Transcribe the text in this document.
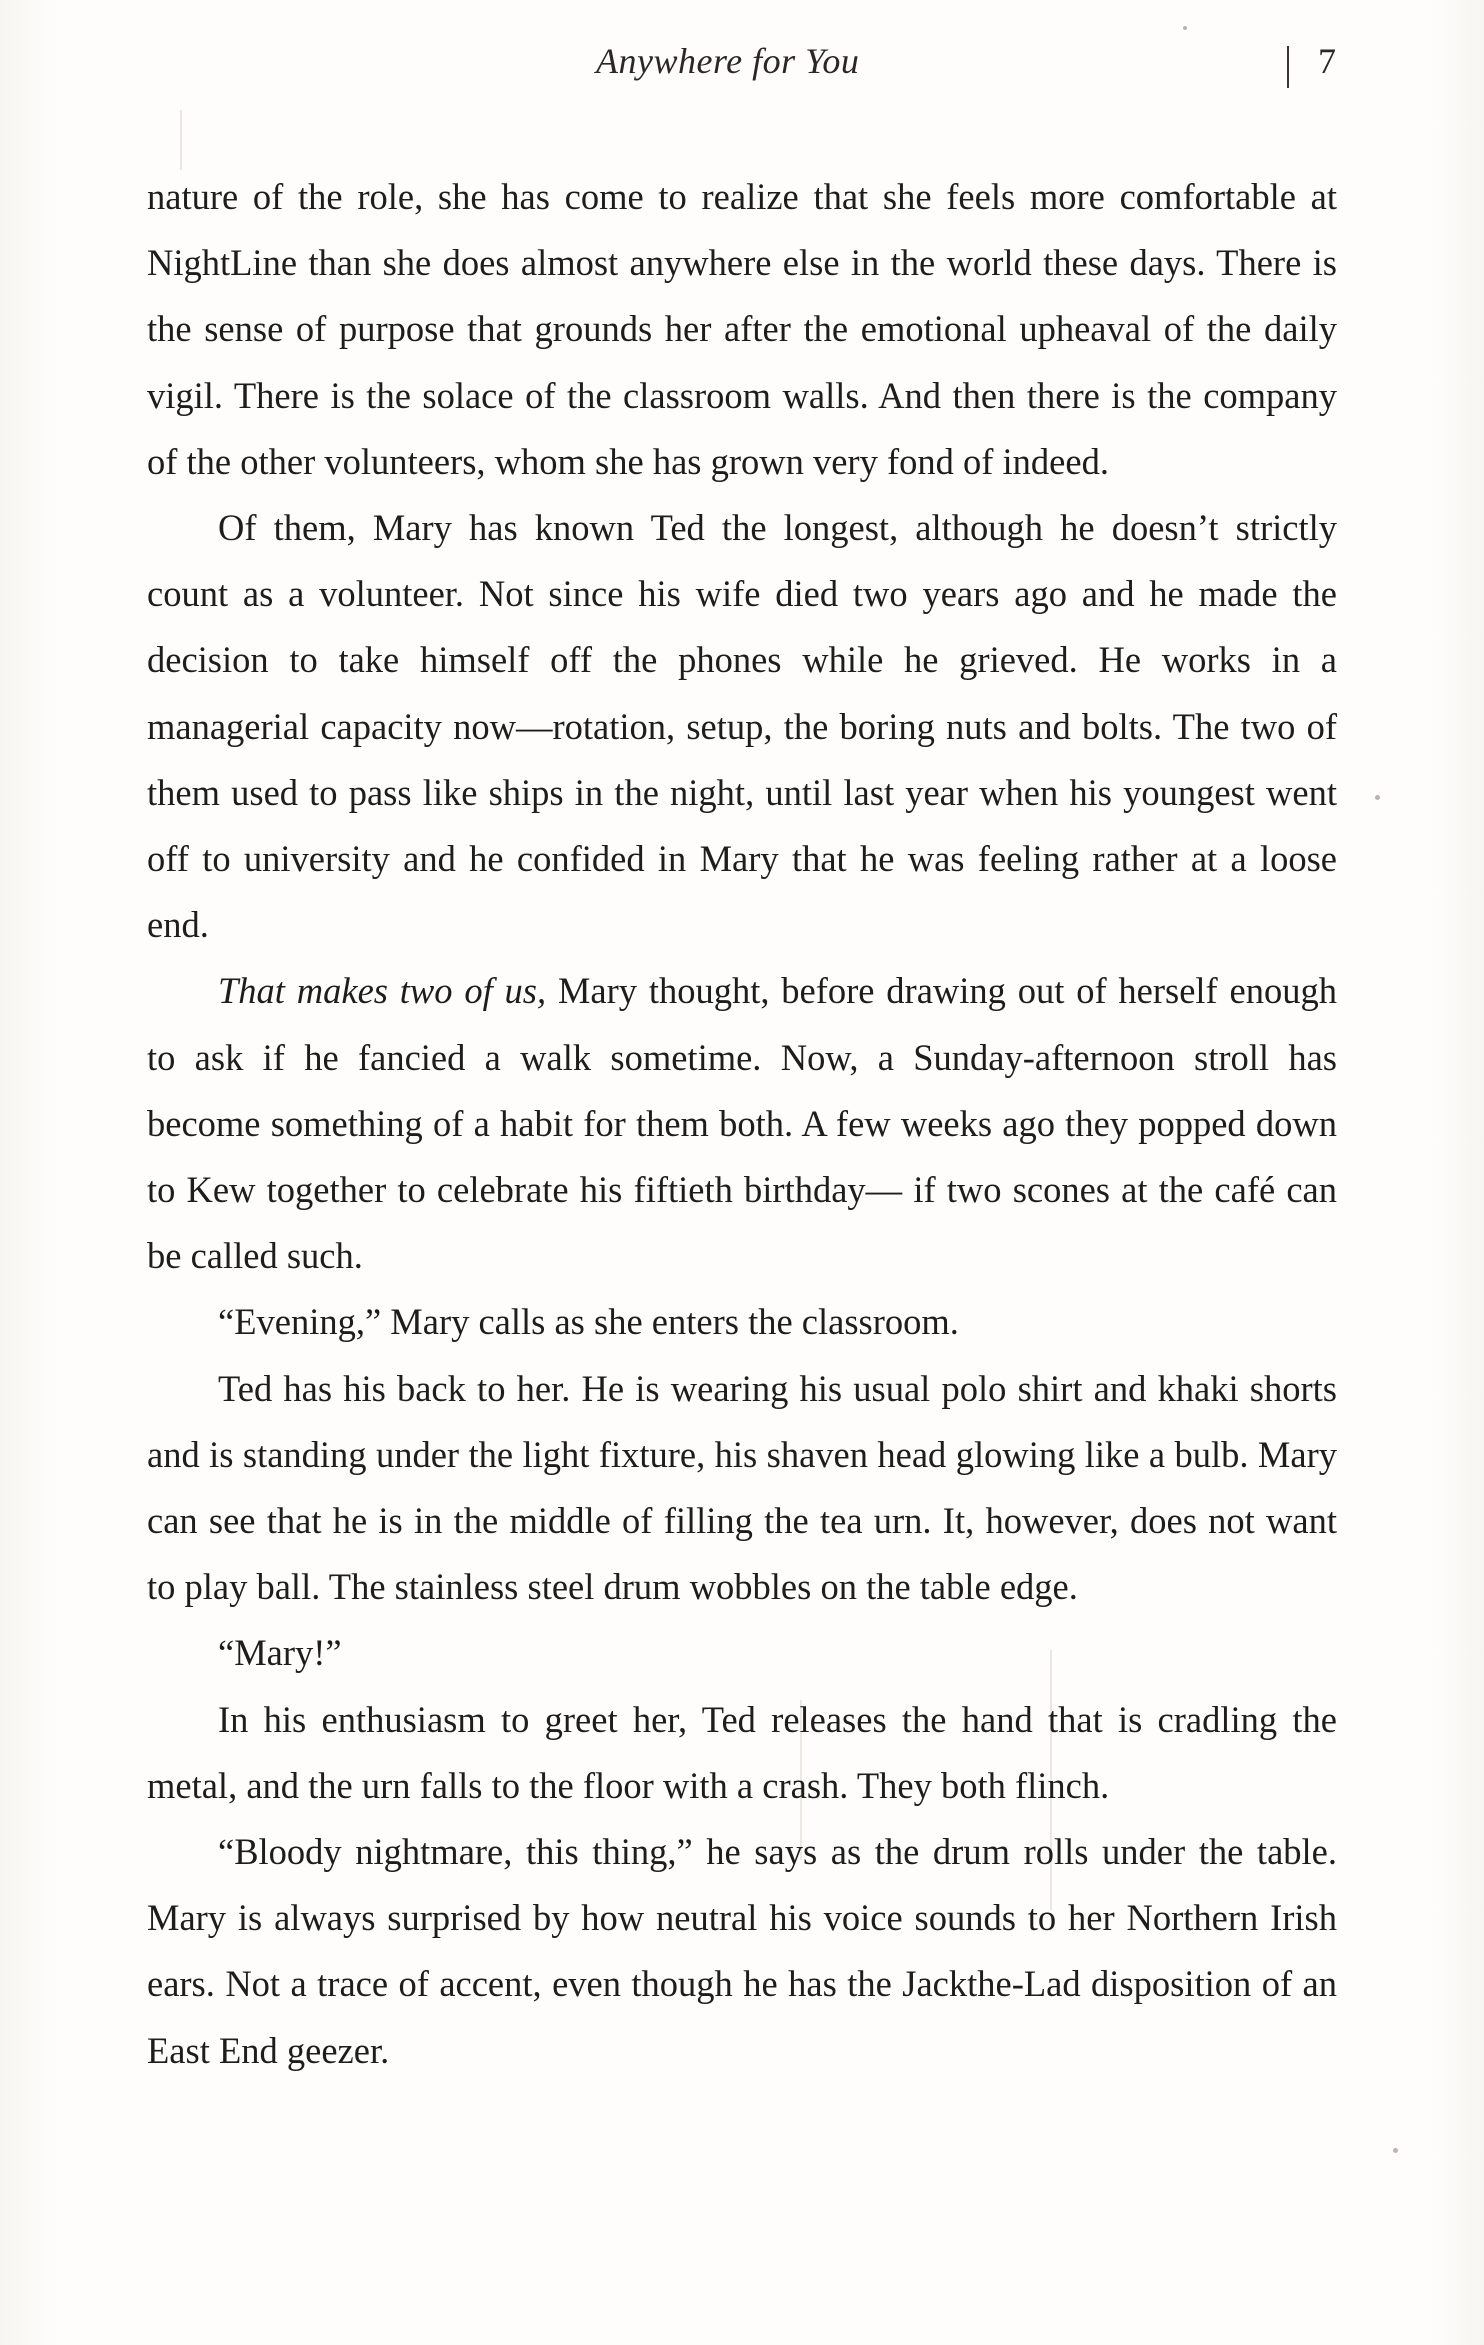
Anywhere for You	7

nature of the role, she has come to realize that she feels more comfortable at NightLine than she does almost anywhere else in the world these days. There is the sense of purpose that grounds her after the emotional upheaval of the daily vigil. There is the solace of the classroom walls. And then there is the company of the other volunteers, whom she has grown very fond of indeed.

Of them, Mary has known Ted the longest, although he doesn’t strictly count as a volunteer. Not since his wife died two years ago and he made the decision to take himself off the phones while he grieved. He works in a managerial capacity now—rotation, setup, the boring nuts and bolts. The two of them used to pass like ships in the night, until last year when his youngest went off to university and he confided in Mary that he was feeling rather at a loose end.

That makes two of us, Mary thought, before drawing out of herself enough to ask if he fancied a walk sometime. Now, a Sunday-afternoon stroll has become something of a habit for them both. A few weeks ago they popped down to Kew together to celebrate his fiftieth birthday— if two scones at the café can be called such.

“Evening,” Mary calls as she enters the classroom.

Ted has his back to her. He is wearing his usual polo shirt and khaki shorts and is standing under the light fixture, his shaven head glowing like a bulb. Mary can see that he is in the middle of filling the tea urn. It, however, does not want to play ball. The stainless steel drum wobbles on the table edge.

“Mary!”

In his enthusiasm to greet her, Ted releases the hand that is cradling the metal, and the urn falls to the floor with a crash. They both flinch.

“Bloody nightmare, this thing,” he says as the drum rolls under the table. Mary is always surprised by how neutral his voice sounds to her Northern Irish ears. Not a trace of accent, even though he has the Jackthe-Lad disposition of an East End geezer.
